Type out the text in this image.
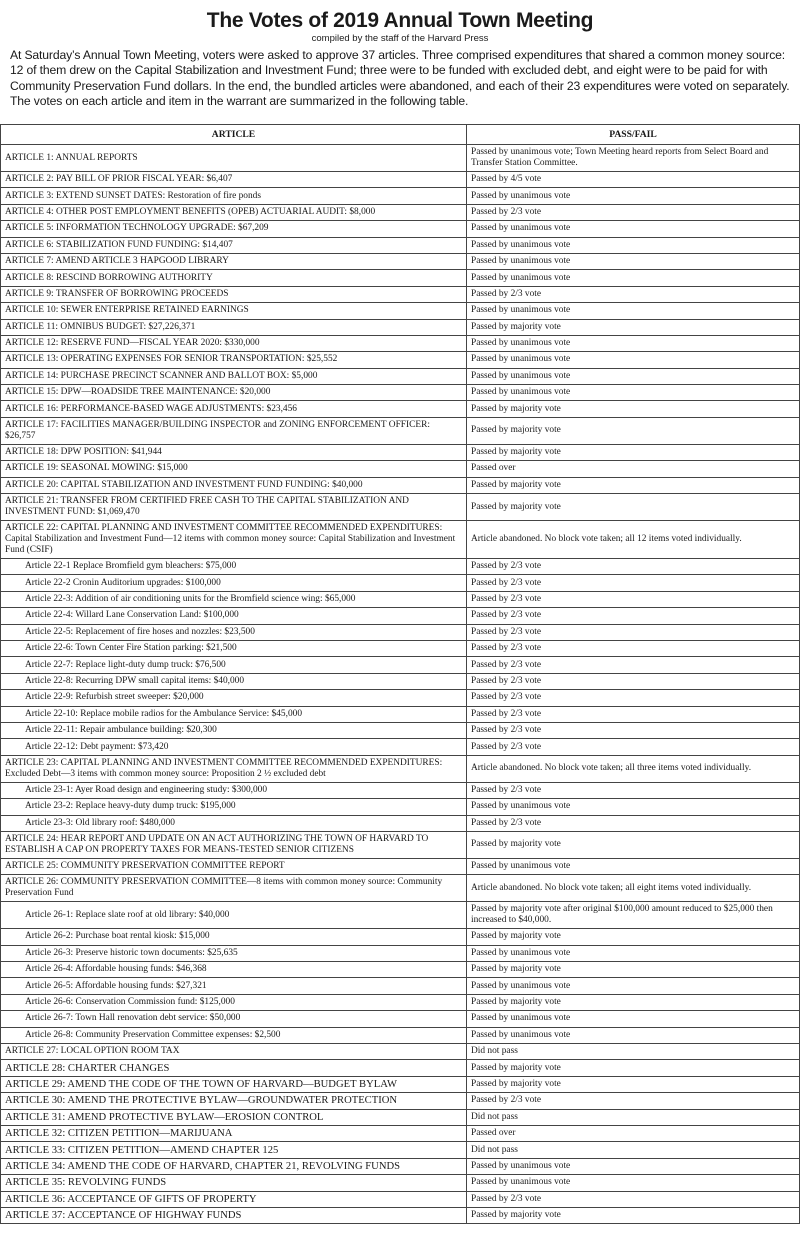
The Votes of 2019 Annual Town Meeting
compiled by the staff of the Harvard Press

At Saturday’s Annual Town Meeting, voters were asked to approve 37 articles. Three comprised expenditures that shared a common money source: 12 of them drew on the Capital Stabilization and Investment Fund; three were to be funded with excluded debt, and eight were to be paid for with Community Preservation Fund dollars. In the end, the bundled articles were abandoned, and each of their 23 expenditures were voted on separately. The votes on each article and item in the warrant are summarized in the following table.

ARTICLE	PASS/FAIL
ARTICLE 1: ANNUAL REPORTS	Passed by unanimous vote; Town Meeting heard reports from Select Board and Transfer Station Committee.
ARTICLE 2: PAY BILL OF PRIOR FISCAL YEAR: $6,407	Passed by 4/5 vote
ARTICLE 3: EXTEND SUNSET DATES: Restoration of fire ponds	Passed by unanimous vote
ARTICLE 4: OTHER POST EMPLOYMENT BENEFITS (OPEB) ACTUARIAL AUDIT: $8,000	Passed by 2/3 vote
ARTICLE 5: INFORMATION TECHNOLOGY UPGRADE: $67,209	Passed by unanimous vote
ARTICLE 6: STABILIZATION FUND FUNDING: $14,407	Passed by unanimous vote
ARTICLE 7: AMEND ARTICLE 3 HAPGOOD LIBRARY	Passed by unanimous vote
ARTICLE 8: RESCIND BORROWING AUTHORITY	Passed by unanimous vote
ARTICLE 9: TRANSFER OF BORROWING PROCEEDS	Passed by 2/3 vote
ARTICLE 10: SEWER ENTERPRISE RETAINED EARNINGS	Passed by unanimous vote
ARTICLE 11: OMNIBUS BUDGET: $27,226,371	Passed by majority vote
ARTICLE 12: RESERVE FUND—FISCAL YEAR 2020: $330,000	Passed by unanimous vote
ARTICLE 13: OPERATING EXPENSES FOR SENIOR TRANSPORTATION: $25,552	Passed by unanimous vote
ARTICLE 14: PURCHASE PRECINCT SCANNER AND BALLOT BOX: $5,000	Passed by unanimous vote
ARTICLE 15: DPW—ROADSIDE TREE MAINTENANCE: $20,000	Passed by unanimous vote
ARTICLE 16: PERFORMANCE-BASED WAGE ADJUSTMENTS: $23,456	Passed by majority vote
ARTICLE 17: FACILITIES MANAGER/BUILDING INSPECTOR and ZONING ENFORCEMENT OFFICER: $26,757	Passed by majority vote
ARTICLE 18: DPW POSITION: $41,944	Passed by majority vote
ARTICLE 19: SEASONAL MOWING: $15,000	Passed over
ARTICLE 20: CAPITAL STABILIZATION AND INVESTMENT FUND FUNDING: $40,000	Passed by majority vote
ARTICLE 21: TRANSFER FROM CERTIFIED FREE CASH TO THE CAPITAL STABILIZATION AND INVESTMENT FUND: $1,069,470	Passed by majority vote
ARTICLE 22: CAPITAL PLANNING AND INVESTMENT COMMITTEE RECOMMENDED EXPENDITURES: Capital Stabilization and Investment Fund—12 items with common money source: Capital Stabilization and Investment Fund (CSIF)	Article abandoned. No block vote taken; all 12 items voted individually.
Article 22-1 Replace Bromfield gym bleachers: $75,000	Passed by 2/3 vote
Article 22-2 Cronin Auditorium upgrades: $100,000	Passed by 2/3 vote
Article 22-3: Addition of air conditioning units for the Bromfield science wing: $65,000	Passed by 2/3 vote
Article 22-4: Willard Lane Conservation Land: $100,000	Passed by 2/3 vote
Article 22-5: Replacement of fire hoses and nozzles: $23,500	Passed by 2/3 vote
Article 22-6: Town Center Fire Station parking: $21,500	Passed by 2/3 vote
Article 22-7: Replace light-duty dump truck: $76,500	Passed by 2/3 vote
Article 22-8: Recurring DPW small capital items: $40,000	Passed by 2/3 vote
Article 22-9: Refurbish street sweeper: $20,000	Passed by 2/3 vote
Article 22-10: Replace mobile radios for the Ambulance Service: $45,000	Passed by 2/3 vote
Article 22-11: Repair ambulance building: $20,300	Passed by 2/3 vote
Article 22-12: Debt payment: $73,420	Passed by 2/3 vote
ARTICLE 23: CAPITAL PLANNING AND INVESTMENT COMMITTEE RECOMMENDED EXPENDITURES: Excluded Debt—3 items with common money source: Proposition 2 ½ excluded debt	Article abandoned. No block vote taken; all three items voted individually.
Article 23-1: Ayer Road design and engineering study: $300,000	Passed by 2/3 vote
Article 23-2: Replace heavy-duty dump truck: $195,000	Passed by unanimous vote
Article 23-3: Old library roof: $480,000	Passed by 2/3 vote
ARTICLE 24: HEAR REPORT AND UPDATE ON AN ACT AUTHORIZING THE TOWN OF HARVARD TO ESTABLISH A CAP ON PROPERTY TAXES FOR MEANS-TESTED SENIOR CITIZENS	Passed by majority vote
ARTICLE 25: COMMUNITY PRESERVATION COMMITTEE REPORT	Passed by unanimous vote
ARTICLE 26: COMMUNITY PRESERVATION COMMITTEE—8 items with common money source: Community Preservation Fund	Article abandoned. No block vote taken; all eight items voted individually.
Article 26-1: Replace slate roof at old library: $40,000	Passed by majority vote after original $100,000 amount reduced to $25,000 then increased to $40,000.
Article 26-2: Purchase boat rental kiosk: $15,000	Passed by majority vote
Article 26-3: Preserve historic town documents: $25,635	Passed by unanimous vote
Article 26-4: Affordable housing funds: $46,368	Passed by majority vote
Article 26-5: Affordable housing funds: $27,321	Passed by unanimous vote
Article 26-6: Conservation Commission fund: $125,000	Passed by majority vote
Article 26-7: Town Hall renovation debt service: $50,000	Passed by unanimous vote
Article 26-8: Community Preservation Committee expenses: $2,500	Passed by unanimous vote
ARTICLE 27: LOCAL OPTION ROOM TAX	Did not pass
ARTICLE 28: CHARTER CHANGES	Passed by majority vote
ARTICLE 29: AMEND THE CODE OF THE TOWN OF HARVARD—BUDGET BYLAW	Passed by majority vote
ARTICLE 30: AMEND THE PROTECTIVE BYLAW—GROUNDWATER PROTECTION	Passed by 2/3 vote
ARTICLE 31: AMEND PROTECTIVE BYLAW—EROSION CONTROL	Did not pass
ARTICLE 32: CITIZEN PETITION—MARIJUANA	Passed over
ARTICLE 33: CITIZEN PETITION—AMEND CHAPTER 125	Did not pass
ARTICLE 34: AMEND THE CODE OF HARVARD, CHAPTER 21, REVOLVING FUNDS	Passed by unanimous vote
ARTICLE 35: REVOLVING FUNDS	Passed by unanimous vote
ARTICLE 36: ACCEPTANCE OF GIFTS OF PROPERTY	Passed by 2/3 vote
ARTICLE 37: ACCEPTANCE OF HIGHWAY FUNDS	Passed by majority vote
